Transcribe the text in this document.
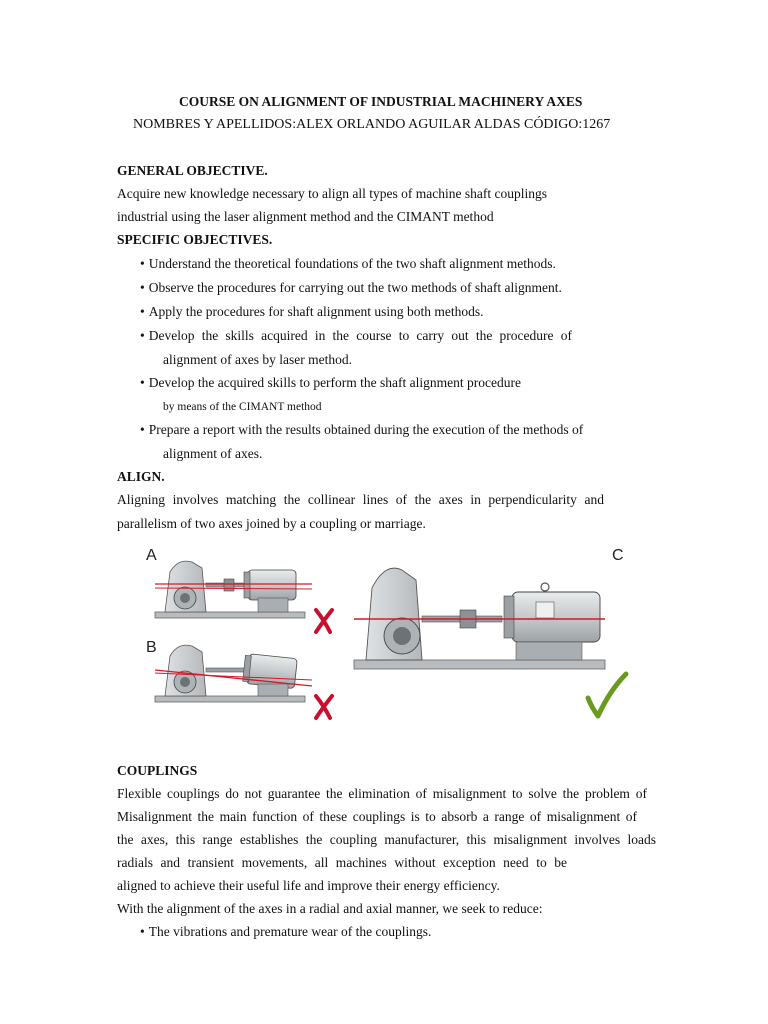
COURSE ON ALIGNMENT OF INDUSTRIAL MACHINERY AXES
NOMBRES Y APELLIDOS:ALEX ORLANDO AGUILAR ALDAS CÓDIGO:1267
GENERAL OBJECTIVE.
Acquire new knowledge necessary to align all types of machine shaft couplings
industrial using the laser alignment method and the CIMANT method
SPECIFIC OBJECTIVES.
• Understand the theoretical foundations of the two shaft alignment methods.
• Observe the procedures for carrying out the two methods of shaft alignment.
• Apply the procedures for shaft alignment using both methods.
• Develop the skills acquired in the course to carry out the procedure of
alignment of axes by laser method.
• Develop the acquired skills to perform the shaft alignment procedure
by means of the CIMANT method
• Prepare a report with the results obtained during the execution of the methods of
alignment of axes.
ALIGN.
Aligning involves matching the collinear lines of the axes in perpendicularity and
parallelism of two axes joined by a coupling or marriage.
A
B
C
COUPLINGS
Flexible couplings do not guarantee the elimination of misalignment to solve the problem of
Misalignment the main function of these couplings is to absorb a range of misalignment of
the axes, this range establishes the coupling manufacturer, this misalignment involves loads
radials and transient movements, all machines without exception need to be
aligned to achieve their useful life and improve their energy efficiency.
With the alignment of the axes in a radial and axial manner, we seek to reduce:
• The vibrations and premature wear of the couplings.
